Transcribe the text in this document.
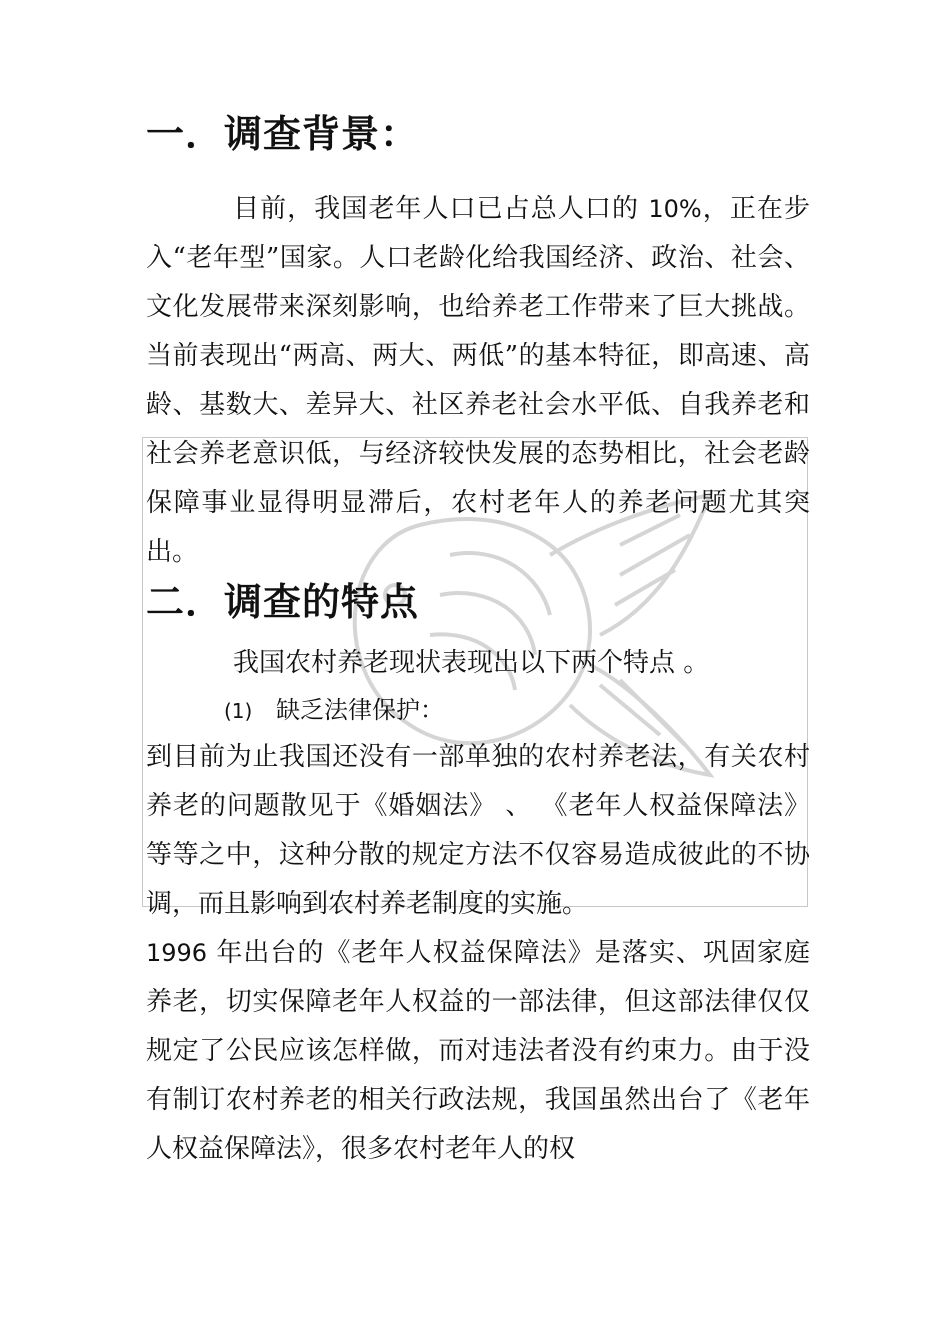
一．调查背景：

目前，我国老年人口已占总人口的 10%，正在步入“老年型”国家。人口老龄化给我国经济、政治、社会、文化发展带来深刻影响，也给养老工作带来了巨大挑战。当前表现出“两高、两大、两低”的基本特征，即高速、高龄、基数大、差异大、社区养老社会水平低、自我养老和社会养老意识低，与经济较快发展的态势相比，社会老龄保障事业显得明显滞后，农村老年人的养老问题尤其突出。

二．调查的特点

我国农村养老现状表现出以下两个特点 。

(1) 缺乏法律保护：

到目前为止我国还没有一部单独的农村养老法，有关农村养老的问题散见于《婚姻法》 、 《老年人权益保障法》等等之中，这种分散的规定方法不仅容易造成彼此的不协调，而且影响到农村养老制度的实施。

1996 年出台的《老年人权益保障法》是落实、巩固家庭养老，切实保障老年人权益的一部法律，但这部法律仅仅规定了公民应该怎样做，而对违法者没有约束力。由于没有制订农村养老的相关行政法规，我国虽然出台了《老年人权益保障法》，很多农村老年人的权
